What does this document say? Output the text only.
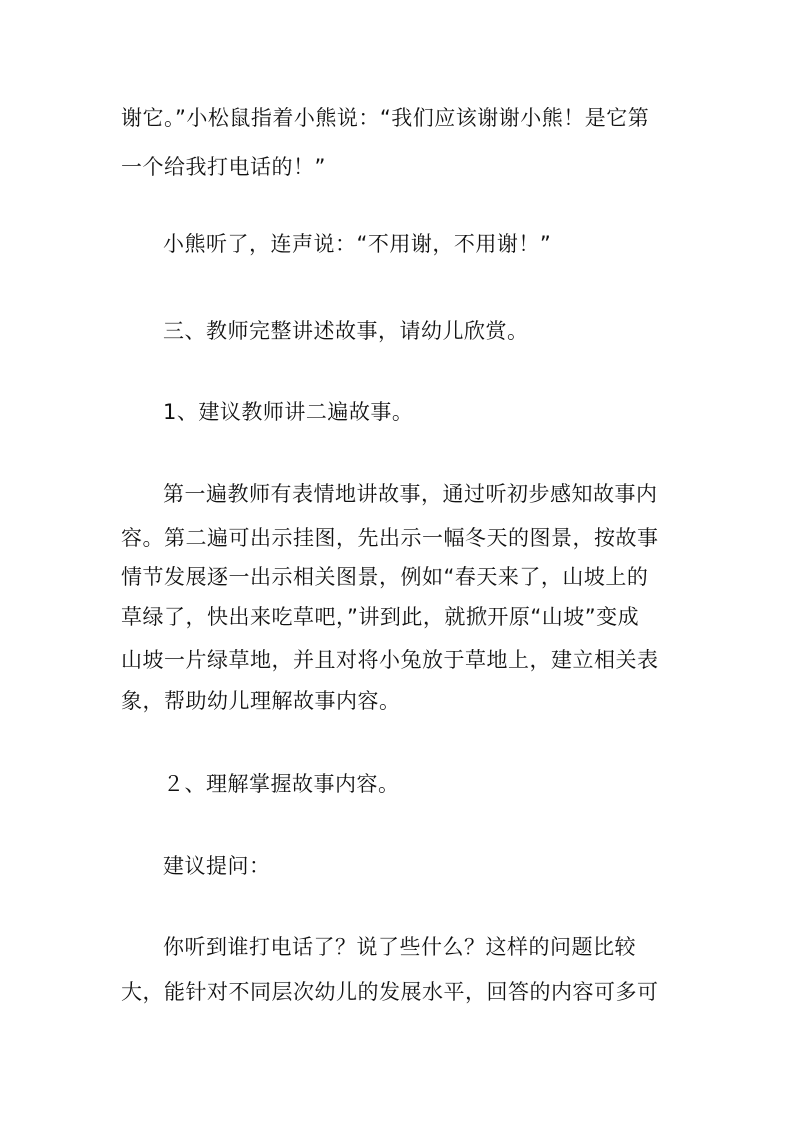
谢它。”小松鼠指着小熊说：“我们应该谢谢小熊！是它第
一个给我打电话的！”
小熊听了，连声说：“不用谢，不用谢！”
三、教师完整讲述故事，请幼儿欣赏。
1、建议教师讲二遍故事。
第一遍教师有表情地讲故事，通过听初步感知故事内
容。第二遍可出示挂图，先出示一幅冬天的图景，按故事
情节发展逐一出示相关图景，例如“春天来了，山坡上的
草绿了，快出来吃草吧，”讲到此，就掀开原“山坡”变成
山坡一片绿草地，并且对将小兔放于草地上，建立相关表
象，帮助幼儿理解故事内容。
２、理解掌握故事内容。
建议提问：
你听到谁打电话了？说了些什么？这样的问题比较
大，能针对不同层次幼儿的发展水平，回答的内容可多可
